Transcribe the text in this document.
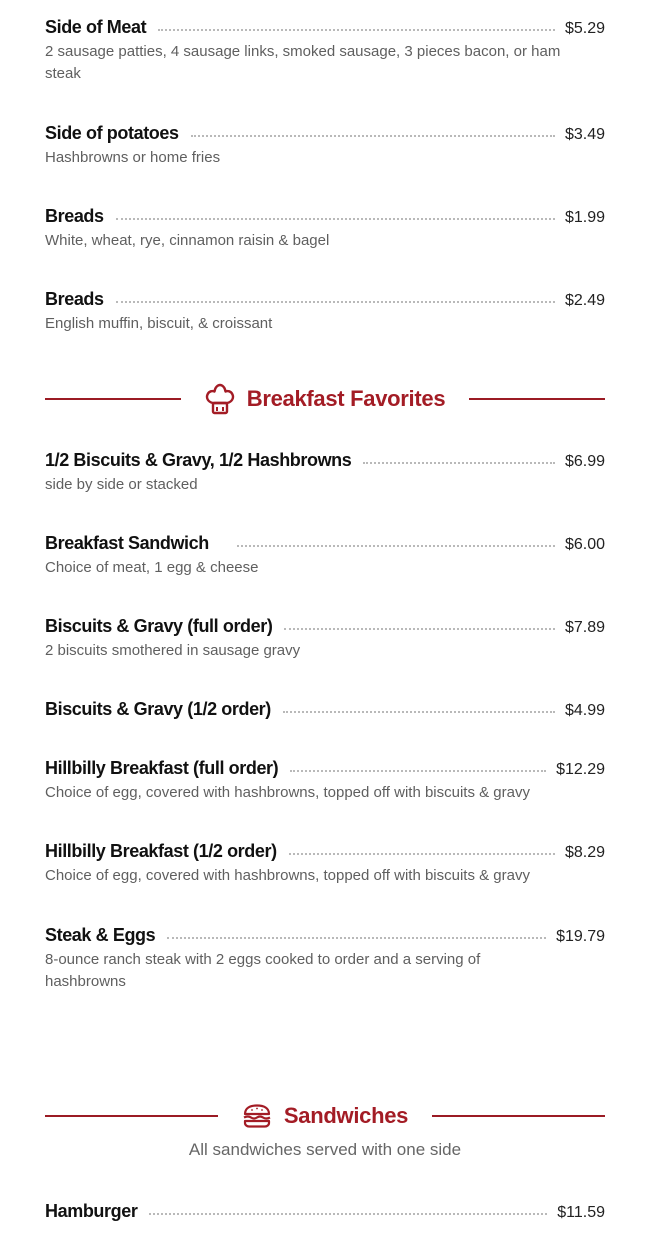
Side of Meat	$5.29
2 sausage patties, 4 sausage links, smoked sausage, 3 pieces bacon, or ham steak
Side of potatoes	$3.49
Hashbrowns or home fries
Breads	$1.99
White, wheat, rye, cinnamon raisin & bagel
Breads	$2.49
English muffin, biscuit, & croissant
Breakfast Favorites
1/2 Biscuits & Gravy, 1/2 Hashbrowns	$6.99
side by side or stacked
Breakfast Sandwich	$6.00
Choice of meat, 1 egg & cheese
Biscuits & Gravy (full order)	$7.89
2 biscuits smothered in sausage gravy
Biscuits & Gravy (1/2 order)	$4.99
Hillbilly Breakfast (full order)	$12.29
Choice of egg, covered with hashbrowns, topped off with biscuits & gravy
Hillbilly Breakfast (1/2 order)	$8.29
Choice of egg, covered with hashbrowns, topped off with biscuits & gravy
Steak & Eggs	$19.79
8-ounce ranch steak with 2 eggs cooked to order and a serving of hashbrowns
Sandwiches
All sandwiches served with one side
Hamburger	$11.59
